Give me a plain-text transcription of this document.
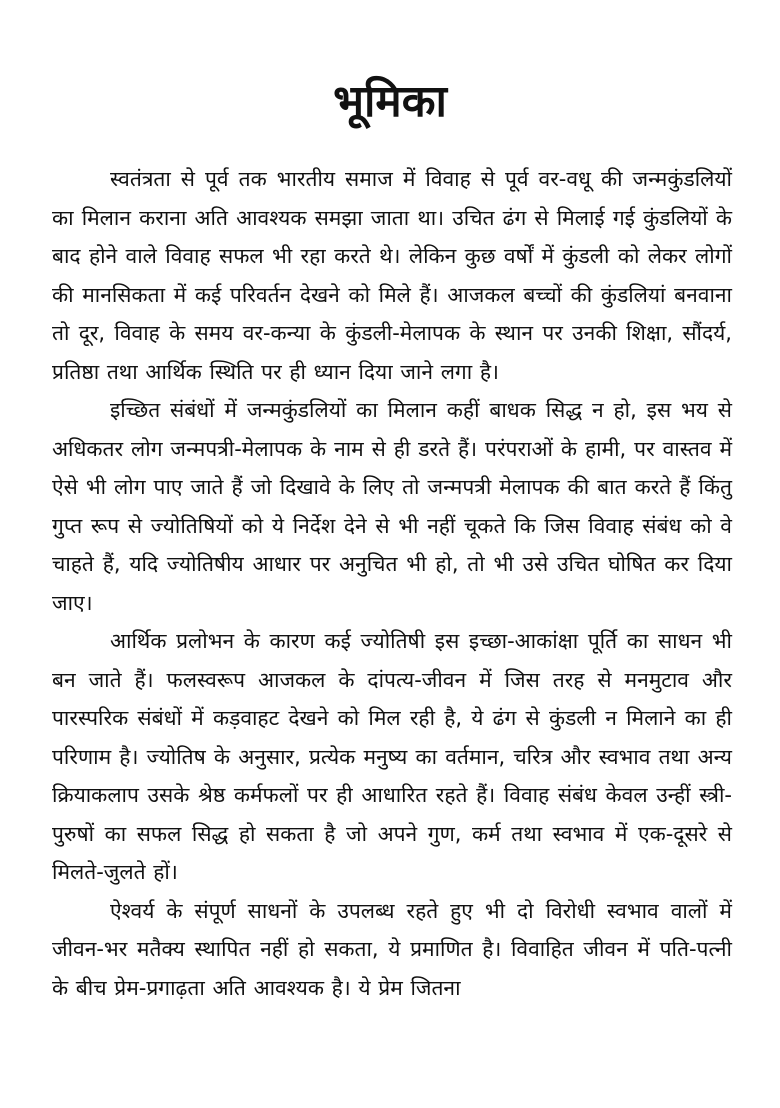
भूमिका

स्वतंत्रता से पूर्व तक भारतीय समाज में विवाह से पूर्व वर-वधू की जन्मकुंडलियों का मिलान कराना अति आवश्यक समझा जाता था। उचित ढंग से मिलाई गई कुंडलियों के बाद होने वाले विवाह सफल भी रहा करते थे। लेकिन कुछ वर्षों में कुंडली को लेकर लोगों की मानसिकता में कई परिवर्तन देखने को मिले हैं। आजकल बच्चों की कुंडलियां बनवाना तो दूर, विवाह के समय वर-कन्या के कुंडली-मेलापक के स्थान पर उनकी शिक्षा, सौंदर्य, प्रतिष्ठा तथा आर्थिक स्थिति पर ही ध्यान दिया जाने लगा है।

इच्छित संबंधों में जन्मकुंडलियों का मिलान कहीं बाधक सिद्ध न हो, इस भय से अधिकतर लोग जन्मपत्री-मेलापक के नाम से ही डरते हैं। परंपराओं के हामी, पर वास्तव में ऐसे भी लोग पाए जाते हैं जो दिखावे के लिए तो जन्मपत्री मेलापक की बात करते हैं किंतु गुप्त रूप से ज्योतिषियों को ये निर्देश देने से भी नहीं चूकते कि जिस विवाह संबंध को वे चाहते हैं, यदि ज्योतिषीय आधार पर अनुचित भी हो, तो भी उसे उचित घोषित कर दिया जाए।

आर्थिक प्रलोभन के कारण कई ज्योतिषी इस इच्छा-आकांक्षा पूर्ति का साधन भी बन जाते हैं। फलस्वरूप आजकल के दांपत्य-जीवन में जिस तरह से मनमुटाव और पारस्परिक संबंधों में कड़वाहट देखने को मिल रही है, ये ढंग से कुंडली न मिलाने का ही परिणाम है। ज्योतिष के अनुसार, प्रत्येक मनुष्य का वर्तमान, चरित्र और स्वभाव तथा अन्य क्रियाकलाप उसके श्रेष्ठ कर्मफलों पर ही आधारित रहते हैं। विवाह संबंध केवल उन्हीं स्त्री-पुरुषों का सफल सिद्ध हो सकता है जो अपने गुण, कर्म तथा स्वभाव में एक-दूसरे से मिलते-जुलते हों।

ऐश्वर्य के संपूर्ण साधनों के उपलब्ध रहते हुए भी दो विरोधी स्वभाव वालों में जीवन-भर मतैक्य स्थापित नहीं हो सकता, ये प्रमाणित है। विवाहित जीवन में पति-पत्नी के बीच प्रेम-प्रगाढ़ता अति आवश्यक है। ये प्रेम जितना
